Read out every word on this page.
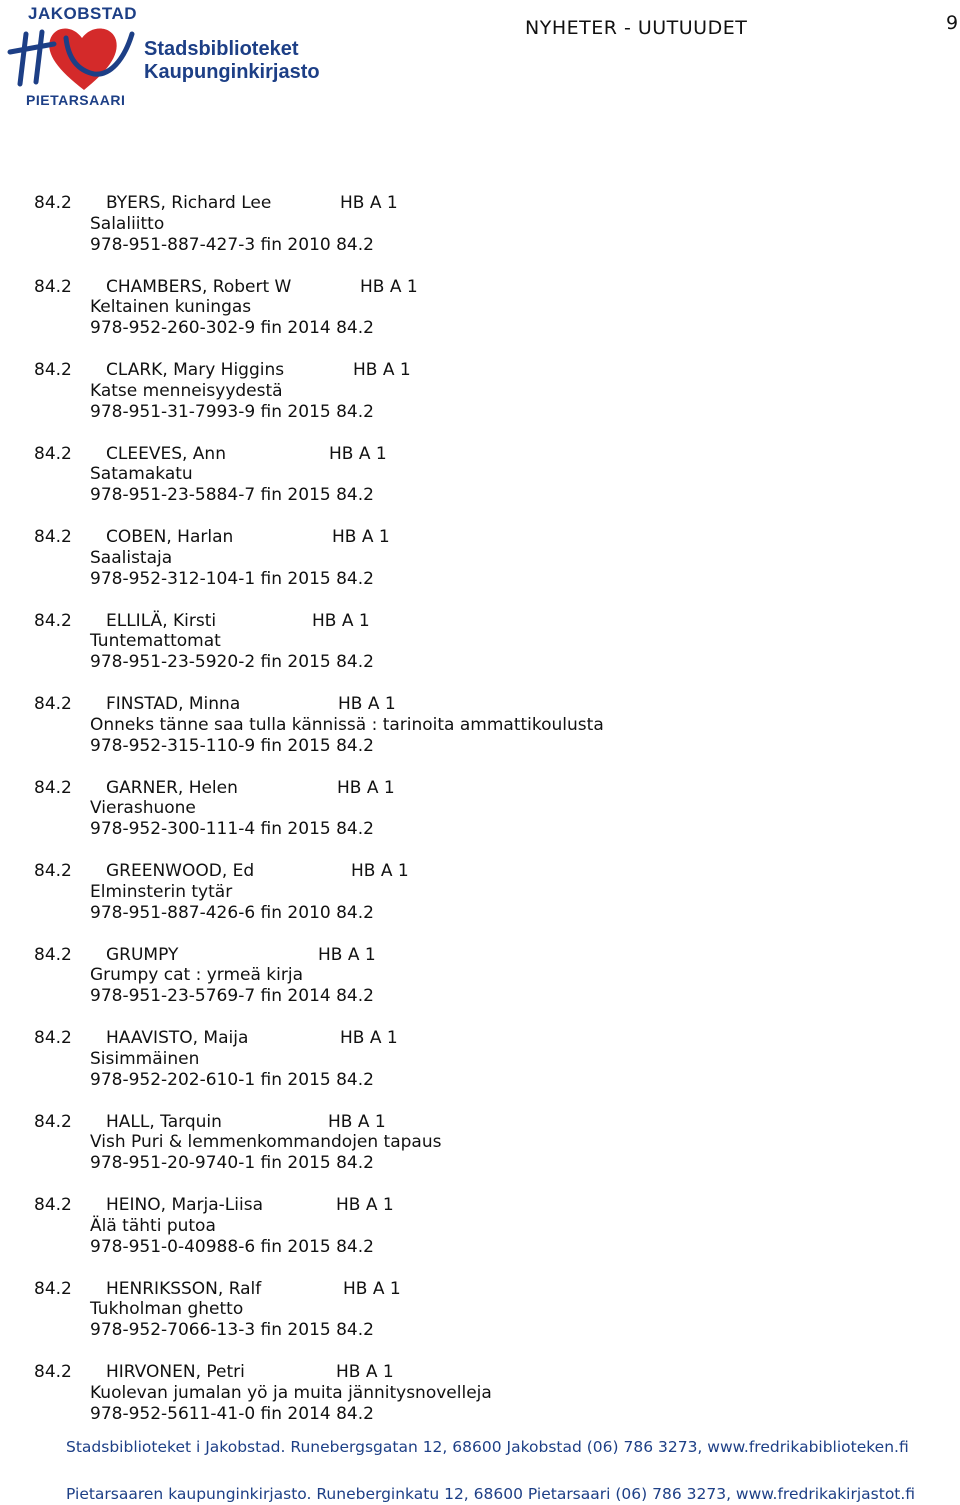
JAKOBSTAD
PIETARSAARI
Stadsbiblioteket
Kaupunginkirjasto
NYHETER - UUTUUDET	9
84.2 BYERS, Richard Lee	HB A 1
Salaliitto
978-951-887-427-3 fin 2010 84.2
84.2 CHAMBERS, Robert W	HB A 1
Keltainen kuningas
978-952-260-302-9 fin 2014 84.2
84.2 CLARK, Mary Higgins	HB A 1
Katse menneisyydestä
978-951-31-7993-9 fin 2015 84.2
84.2 CLEEVES, Ann	HB A 1
Satamakatu
978-951-23-5884-7 fin 2015 84.2
84.2 COBEN, Harlan	HB A 1
Saalistaja
978-952-312-104-1 fin 2015 84.2
84.2 ELLILÄ, Kirsti	HB A 1
Tuntemattomat
978-951-23-5920-2 fin 2015 84.2
84.2 FINSTAD, Minna	HB A 1
Onneks tänne saa tulla kännissä : tarinoita ammattikoulusta
978-952-315-110-9 fin 2015 84.2
84.2 GARNER, Helen	HB A 1
Vierashuone
978-952-300-111-4 fin 2015 84.2
84.2 GREENWOOD, Ed	HB A 1
Elminsterin tytär
978-951-887-426-6 fin 2010 84.2
84.2 GRUMPY	HB A 1
Grumpy cat : yrmeä kirja
978-951-23-5769-7 fin 2014 84.2
84.2 HAAVISTO, Maija	HB A 1
Sisimmäinen
978-952-202-610-1 fin 2015 84.2
84.2 HALL, Tarquin	HB A 1
Vish Puri & lemmenkommandojen tapaus
978-951-20-9740-1 fin 2015 84.2
84.2 HEINO, Marja-Liisa	HB A 1
Älä tähti putoa
978-951-0-40988-6 fin 2015 84.2
84.2 HENRIKSSON, Ralf	HB A 1
Tukholman ghetto
978-952-7066-13-3 fin 2015 84.2
84.2 HIRVONEN, Petri	HB A 1
Kuolevan jumalan yö ja muita jännitysnovelleja
978-952-5611-41-0 fin 2014 84.2
Stadsbiblioteket i Jakobstad. Runebergsgatan 12, 68600 Jakobstad (06) 786 3273, www.fredrikabiblioteken.fi
Pietarsaaren kaupunginkirjasto. Runeberginkatu 12, 68600 Pietarsaari (06) 786 3273, www.fredrikakirjastot.fi
